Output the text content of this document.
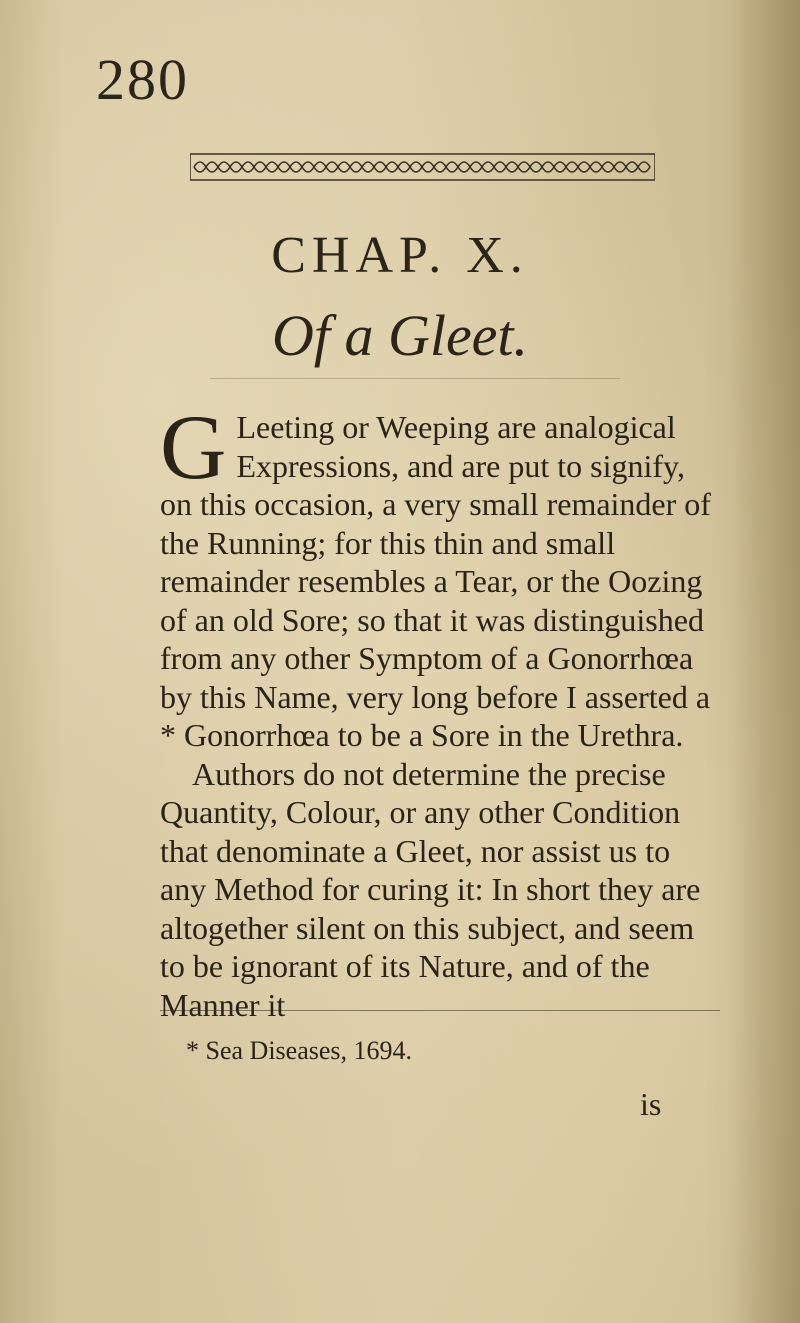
280
CHAP. X.
Of a Gleet.

G Leeting or Weeping are analogical Expressions, and are put to signify, on this occasion, a very small remainder of the Running; for this thin and small remainder resembles a Tear, or the Oozing of an old Sore; so that it was distinguished from any other Symptom of a Gonorrhœa by this Name, very long before I asserted a * Gonorrhœa to be a Sore in the Urethra.

Authors do not determine the precise Quantity, Colour, or any other Condition that denominate a Gleet, nor assist us to any Method for curing it: In short they are altogether silent on this subject, and seem to be ignorant of its Nature, and of the Manner it

* Sea Diseases, 1694.
is
